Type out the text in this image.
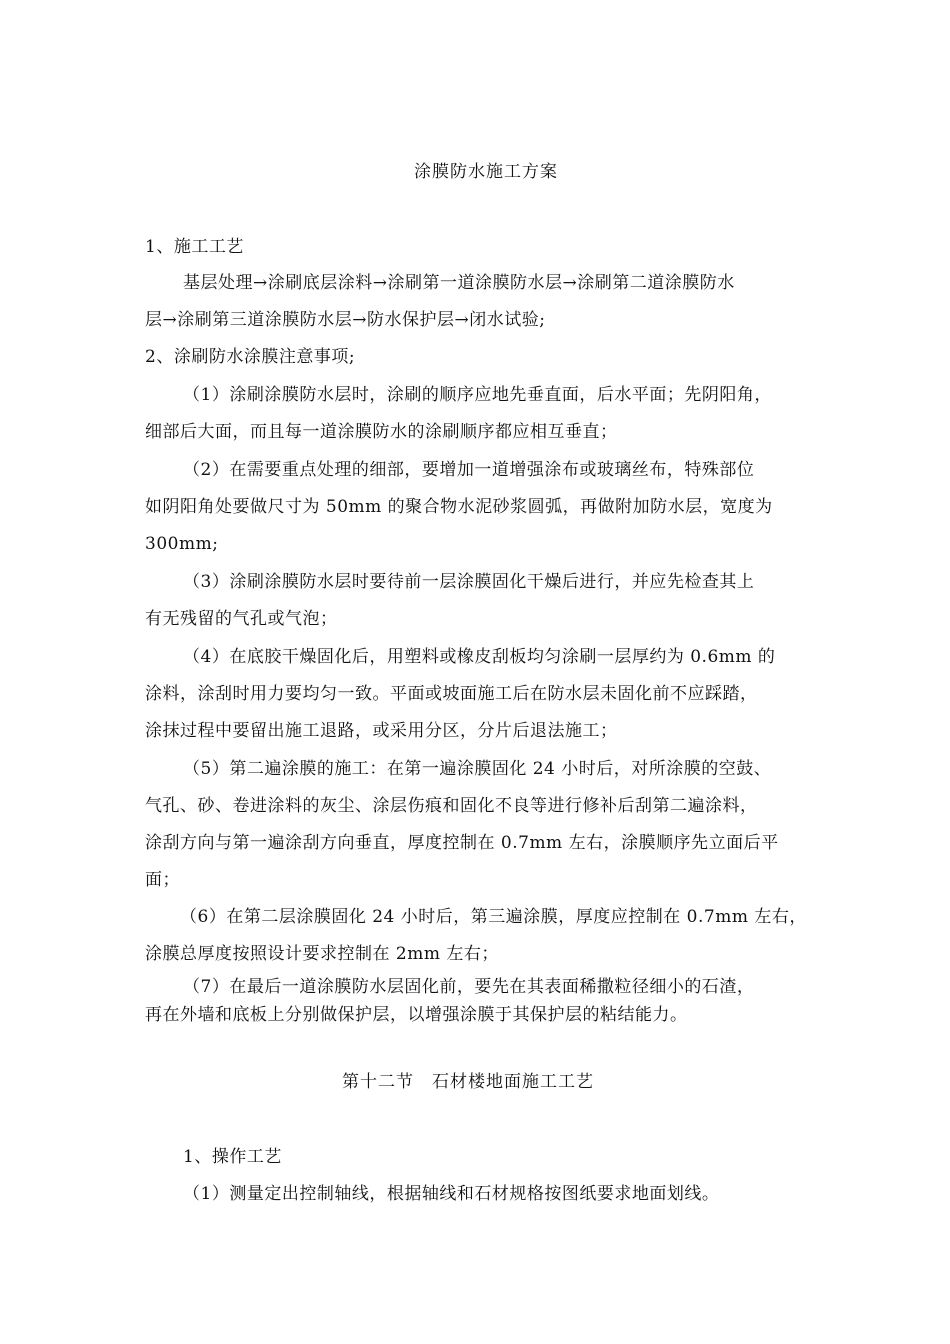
涂膜防水施工方案
1、施工工艺
基层处理→涂刷底层涂料→涂刷第一道涂膜防水层→涂刷第二道涂膜防水
层→涂刷第三道涂膜防水层→防水保护层→闭水试验;
2、涂刷防水涂膜注意事项;
（1）涂刷涂膜防水层时，涂刷的顺序应地先垂直面，后水平面；先阴阳角，
细部后大面，而且每一道涂膜防水的涂刷顺序都应相互垂直；
（2）在需要重点处理的细部，要增加一道增强涂布或玻璃丝布，特殊部位
如阴阳角处要做尺寸为 50mm 的聚合物水泥砂浆圆弧，再做附加防水层，宽度为
300mm;
（3）涂刷涂膜防水层时要待前一层涂膜固化干燥后进行，并应先检查其上
有无残留的气孔或气泡；
（4）在底胶干燥固化后，用塑料或橡皮刮板均匀涂刷一层厚约为 0.6mm 的
涂料，涂刮时用力要均匀一致。平面或坡面施工后在防水层未固化前不应踩踏，
涂抹过程中要留出施工退路，或采用分区，分片后退法施工；
（5）第二遍涂膜的施工：在第一遍涂膜固化 24 小时后，对所涂膜的空鼓、
气孔、砂、卷进涂料的灰尘、涂层伤痕和固化不良等进行修补后刮第二遍涂料，
涂刮方向与第一遍涂刮方向垂直，厚度控制在 0.7mm 左右，涂膜顺序先立面后平
面；
（6）在第二层涂膜固化 24 小时后，第三遍涂膜，厚度应控制在 0.7mm 左右，
涂膜总厚度按照设计要求控制在 2mm 左右；
（7）在最后一道涂膜防水层固化前，要先在其表面稀撒粒径细小的石渣，
再在外墙和底板上分别做保护层，以增强涂膜于其保护层的粘结能力。
第十二节　石材楼地面施工工艺
1、操作工艺
（1）测量定出控制轴线，根据轴线和石材规格按图纸要求地面划线。
